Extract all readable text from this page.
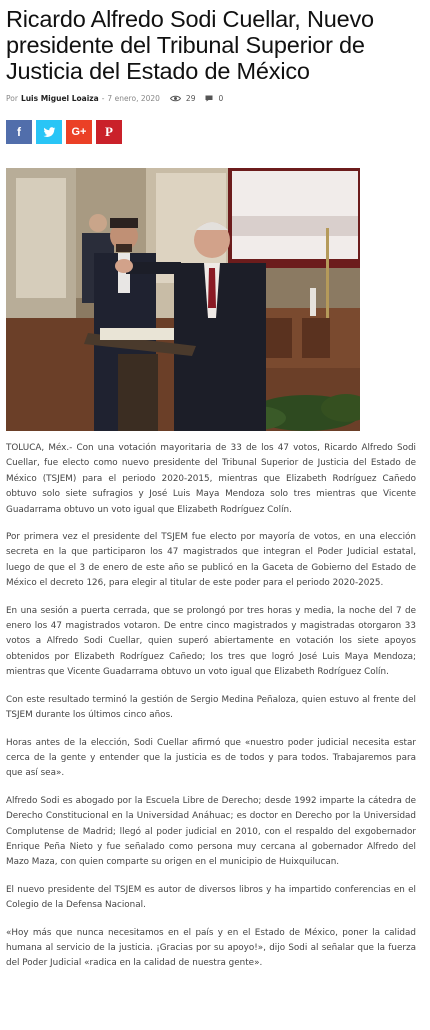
Ricardo Alfredo Sodi Cuellar, Nuevo presidente del Tribunal Superior de Justicia del Estado de México
Por Luis Miguel Loaiza - 7 enero, 2020	29	0
f	G+ P

TOLUCA, Méx.- Con una votación mayoritaria de 33 de los 47 votos, Ricardo Alfredo Sodi Cuellar, fue electo como nuevo presidente del Tribunal Superior de Justicia del Estado de México (TSJEM) para el periodo 2020-2015, mientras que Elizabeth Rodríguez Cañedo obtuvo solo siete sufragios y José Luis Maya Mendoza solo tres mientras que Vicente Guadarrama obtuvo un voto igual que Elizabeth Rodríguez Colín.

Por primera vez el presidente del TSJEM fue electo por mayoría de votos, en una elección secreta en la que participaron los 47 magistrados que integran el Poder Judicial estatal, luego de que el 3 de enero de este año se publicó en la Gaceta de Gobierno del Estado de México el decreto 126, para elegir al titular de este poder para el periodo 2020-2025.

En una sesión a puerta cerrada, que se prolongó por tres horas y media, la noche del 7 de enero los 47 magistrados votaron. De entre cinco magistrados y magistradas otorgaron 33 votos a Alfredo Sodi Cuellar, quien superó abiertamente en votación los siete apoyos obtenidos por Elizabeth Rodríguez Cañedo; los tres que logró José Luis Maya Mendoza; mientras que Vicente Guadarrama obtuvo un voto igual que Elizabeth Rodríguez Colín.

Con este resultado terminó la gestión de Sergio Medina Peñaloza, quien estuvo al frente del TSJEM durante los últimos cinco años.

Horas antes de la elección, Sodi Cuellar afirmó que «nuestro poder judicial necesita estar cerca de la gente y entender que la justicia es de todos y para todos. Trabajaremos para que así sea».

Alfredo Sodi es abogado por la Escuela Libre de Derecho; desde 1992 imparte la cátedra de Derecho Constitucional en la Universidad Anáhuac; es doctor en Derecho por la Universidad Complutense de Madrid; llegó al poder judicial en 2010, con el respaldo del exgobernador Enrique Peña Nieto y fue señalado como persona muy cercana al gobernador Alfredo del Mazo Maza, con quien comparte su origen en el municipio de Huixquilucan.

El nuevo presidente del TSJEM es autor de diversos libros y ha impartido conferencias en el Colegio de la Defensa Nacional.

«Hoy más que nunca necesitamos en el país y en el Estado de México, poner la calidad humana al servicio de la justicia. ¡Gracias por su apoyo!», dijo Sodi al señalar que la fuerza del Poder Judicial «radica en la calidad de nuestra gente».
